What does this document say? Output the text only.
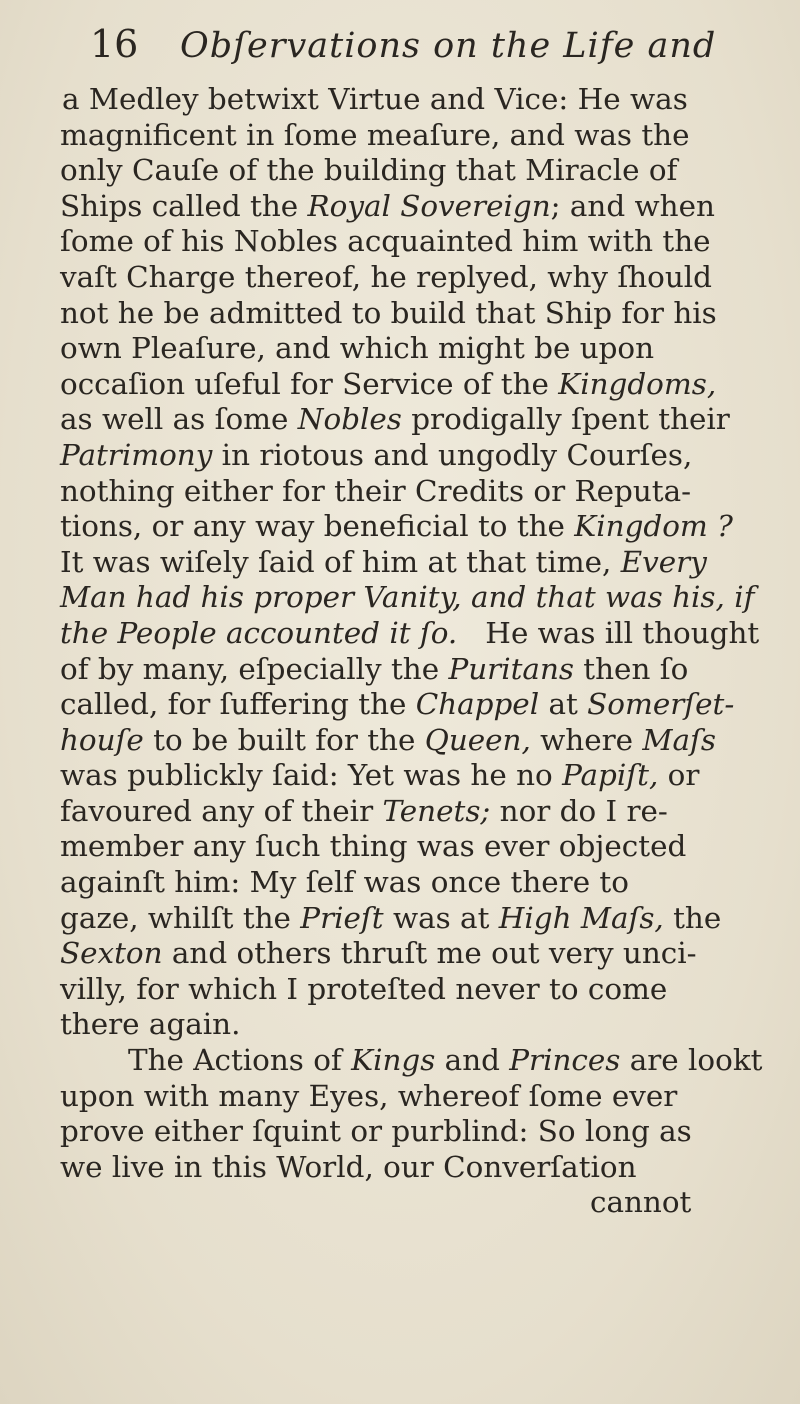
16	Obſervations on the Life and
a Medley betwixt Virtue and Vice: He was
magnificent in ſome meaſure, and was the
only Cauſe of the building that Miracle of
Ships called the Royal Sovereign; and when
ſome of his Nobles acquainted him with the
vaſt Charge thereof, he replyed, why ſhould
not he be admitted to build that Ship for his
own Pleaſure, and which might be upon
occaſion uſeful for Service of the Kingdoms,
as well as ſome Nobles prodigally ſpent their
Patrimony in riotous and ungodly Courſes,
nothing either for their Credits or Reputa-
tions, or any way beneficial to the Kingdom ?
It was wiſely ſaid of him at that time, Every
Man had his proper Vanity, and that was his, if
the People accounted it ſo.   He was ill thought
of by many, eſpecially the Puritans then ſo
called, for ſuffering the Chappel at Somerſet-
houſe to be built for the Queen, where Maſs
was publickly ſaid: Yet was he no Papiſt, or
favoured any of their Tenets; nor do I re-
member any ſuch thing was ever objected
againſt him: My ſelf was once there to
gaze, whilſt the Prieſt was at High Maſs, the
Sexton and others thruſt me out very unci-
villy, for which I proteſted never to come
there again.
The Actions of Kings and Princes are lookt
upon with many Eyes, whereof ſome ever
prove either ſquint or purblind: So long as
we live in this World, our Converſation
cannot
